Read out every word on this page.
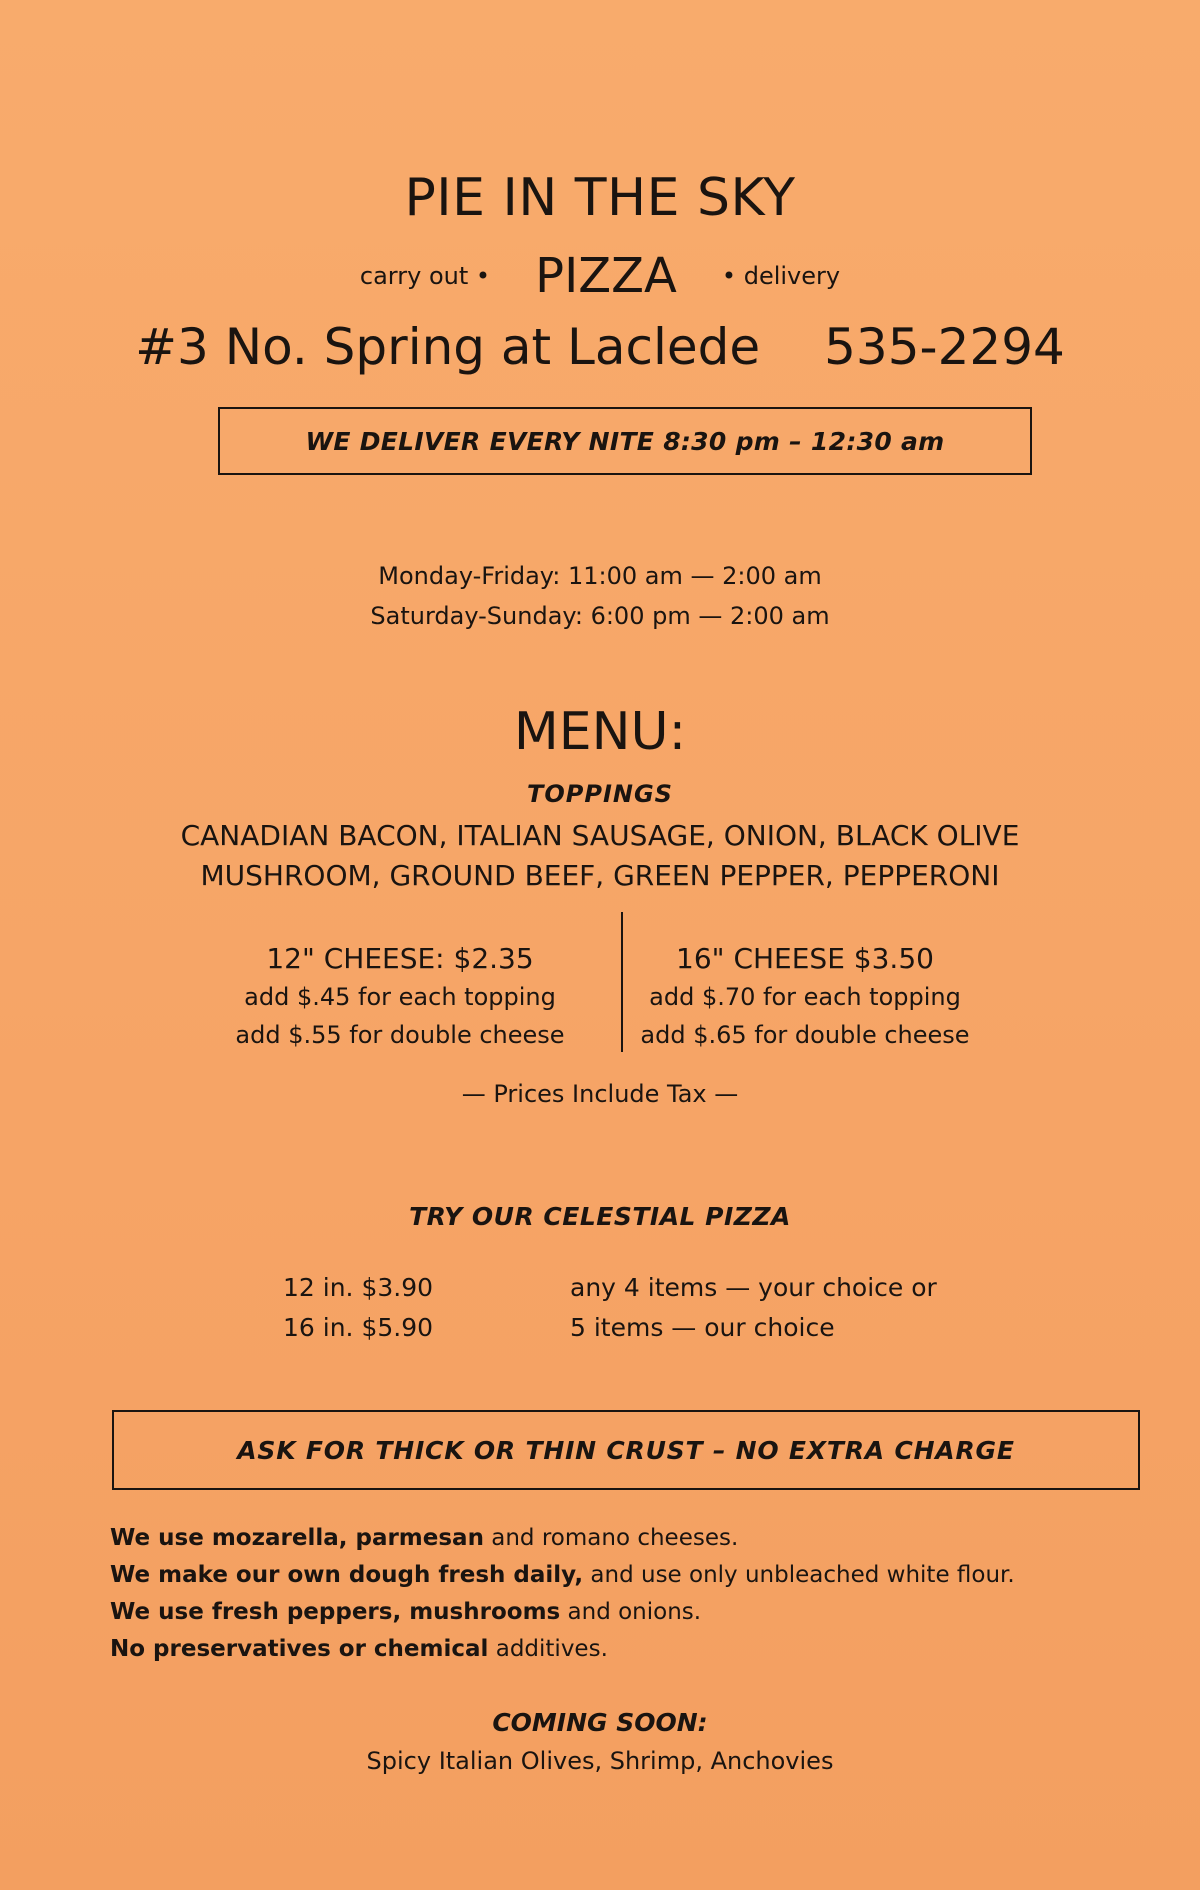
PIE IN THE SKY
carry out • PIZZA • delivery
#3 No. Spring at Laclede 535-2294
WE DELIVER EVERY NITE 8:30 pm – 12:30 am
Monday-Friday: 11:00 am — 2:00 am
Saturday-Sunday: 6:00 pm — 2:00 am
MENU:
TOPPINGS
CANADIAN BACON, ITALIAN SAUSAGE, ONION, BLACK OLIVE
MUSHROOM, GROUND BEEF, GREEN PEPPER, PEPPERONI
12" CHEESE: $2.35
add $.45 for each topping
add $.55 for double cheese
16" CHEESE $3.50
add $.70 for each topping
add $.65 for double cheese
— Prices Include Tax —
TRY OUR CELESTIAL PIZZA
12 in. $3.90
16 in. $5.90
any 4 items — your choice or
5 items — our choice
ASK FOR THICK OR THIN CRUST – NO EXTRA CHARGE
We use mozarella, parmesan and romano cheeses.
We make our own dough fresh daily, and use only unbleached white flour.
We use fresh peppers, mushrooms and onions.
No preservatives or chemical additives.
COMING SOON:
Spicy Italian Olives, Shrimp, Anchovies
